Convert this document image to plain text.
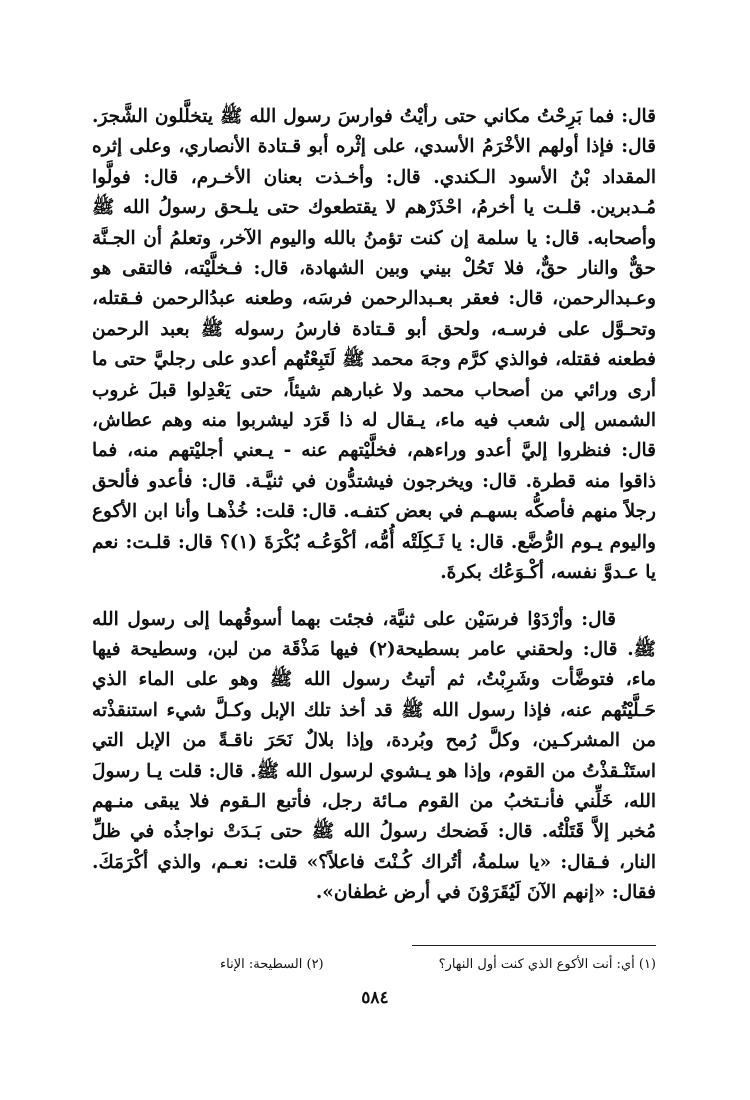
قال: فما بَرِحْتُ مكاني حتى رأيْتُ فوارسَ رسول الله ﷺ يتخلَّلون الشَّجرَ. قال: فإذا أولهم الأخْرَمُ الأسدي، على إثْره أبو قـتادة الأنصاري، وعلى إثره المقداد بْنُ الأسود الـكندي. قال: وأخـذت بعنان الأخـرم، قال: فولَّوا مُـدبرين. قلـت يا أخرمُ، احْذَرْهم لا يقتطعوك حتى يلـحق رسولُ الله ﷺ وأصحابه. قال: يا سلمة إن كنت تؤمنُ بالله واليوم الآخر، وتعلمُ أن الجـنَّة حقٌّ والنار حقٌّ، فلا تَحُلْ بيني وبين الشهادة، قال: فـخلَّيْته، فالتقى هو وعـبدالرحمن، قال: فعقر بعـبدالرحمن فرسَه، وطعنه عبدُالرحمن فـقتله، وتحـوَّل على فرسـه، ولحق أبو قـتادة فارسُ رسوله ﷺ بعبد الرحمن فطعنه فقتله، فوالذي كرَّم وجهَ محمد ﷺ لَتَبِعْتُهم أعدو على رجليَّ حتى ما أرى ورائي من أصحاب محمد ولا غبارهم شيئاً، حتى يَعْدِلوا قبلَ غروب الشمس إلى شعب فيه ماء، يـقال له ذا قَرَد ليشربوا منه وهم عطاش، قال: فنظروا إليَّ أعدو وراءهم، فخلَّيْتهم عنه - يـعني أجليْتهم منه، فما ذاقوا منه قطرة. قال: ويخرجون فيشتدُّون في ثنيَّـة. قال: فأعدو فألحق رجلاً منهم فأصكُّه بسهـم في بعض كتفـه. قال: قلت: خُذْهـا وأنا ابن الأكوع واليوم يـوم الرُّضَّع. قال: يا ثَـكِلَتْه أُمُّه، أكْوَعُـه بُكْرَةَ (١)؟ قال: قلـت: نعم يا عـدوَّ نفسه، أكْـوَعُك بكرةَ.

قال: وأرْدَوْا فرسَيْن على ثنيَّة، فجئت بهما أسوقُهما إلى رسول الله ﷺ. قال: ولحقني عامر بسطيحة(٢) فيها مَذْقَة من لبن، وسطيحة فيها ماء، فتوضَّأت وشَرِبْتُ، ثم أتيتُ رسول الله ﷺ وهو على الماء الذي حَـلَّيْتُهم عنه، فإذا رسول الله ﷺ قد أخذ تلك الإبل وكـلَّ شيء استنقذْته من المشركـين، وكلَّ رُمح وبُردة، وإذا بلالٌ نَحَرَ ناقـةً من الإبل التي استَنْـقذْتُ من القوم، وإذا هو يـشوي لرسول الله ﷺ. قال: قلت يـا رسولَ الله، خَلِّني فأنـتخبُ من القوم مـائة رجل، فأتبع الـقوم فلا يبقى منـهم مُخبر إلاَّ قَتَلْتُه. قال: فَضحك رسولُ الله ﷺ حتى بَـدَتْ نواجذُه في ظلِّ النار، فـقال: «يا سلمةُ، أتُراك كُـنْتَ فاعلاً؟» قلت: نعـم، والذي أكْرَمَكَ. فقال: «إنهم الآنَ لَيُقَرَوْنَ في أرض غطفان».

(١) أي: أنت الأكوع الذي كنت أول النهار؟
(٢) السطيحة: الإناء
٥٨٤
